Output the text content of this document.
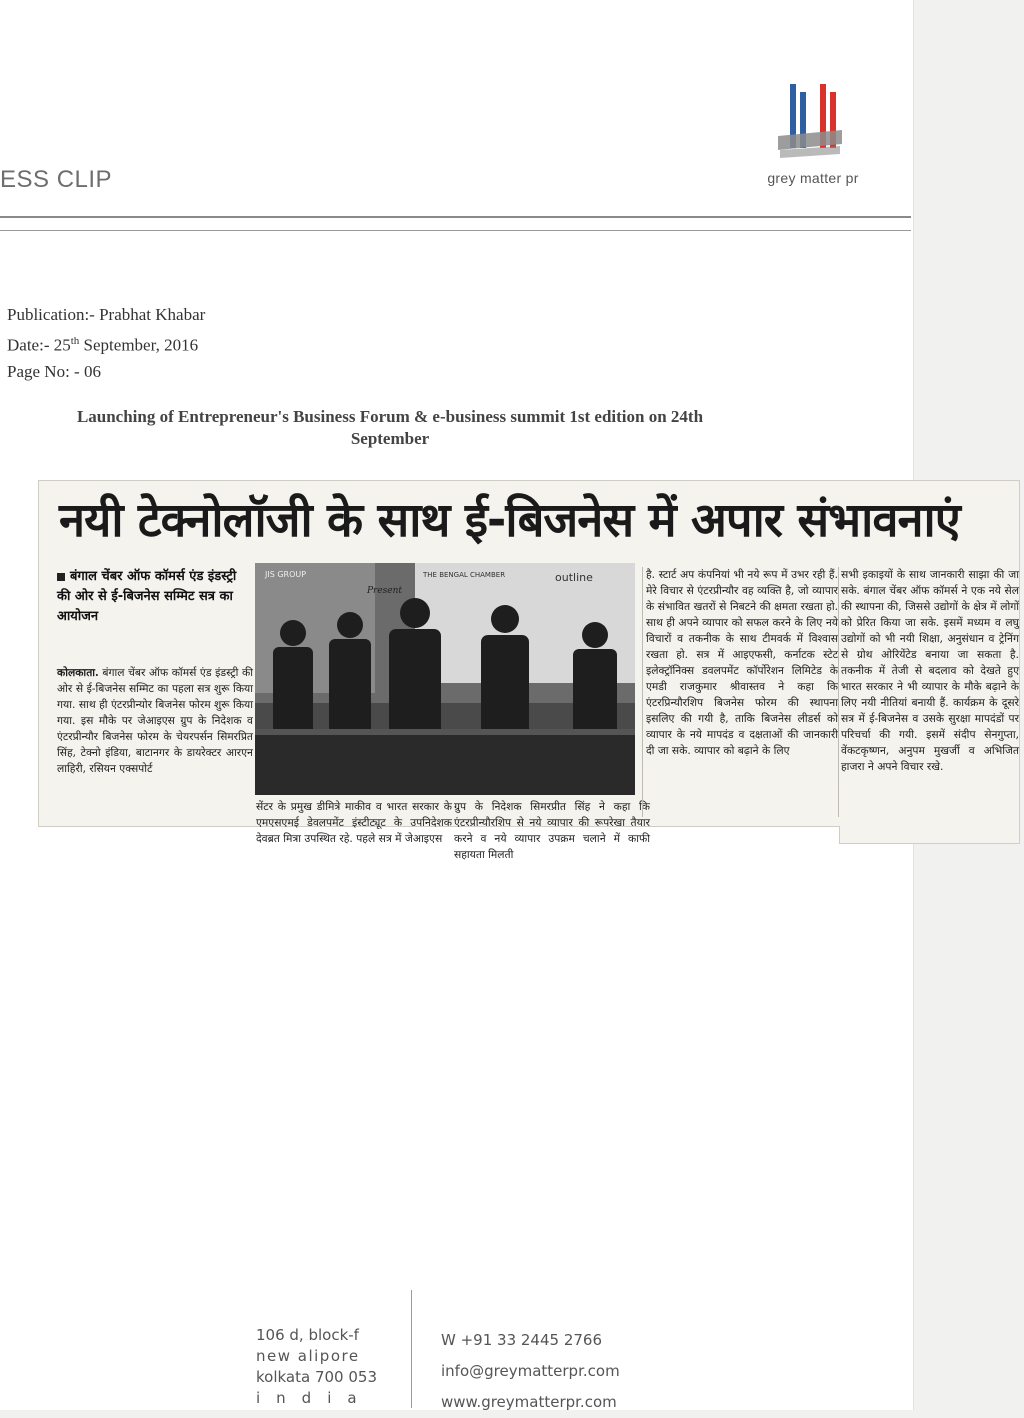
ESS CLIP	grey matter pr
Publication:- Prabhat Khabar
Date:- 25th September, 2016
Page No: - 06
Launching of Entrepreneur's Business Forum & e-business summit 1st edition on 24th
September
नयी टेक्नोलॉजी के साथ ई-बिजनेस में अपार संभावनाएं
बंगाल चेंबर ऑफ कॉमर्स एंड इंडस्ट्री की ओर से ई-बिजनेस सम्मिट सत्र का आयोजन

कोलकाता. बंगाल चेंबर ऑफ कॉमर्स एंड इंडस्ट्री की ओर से ई-बिजनेस सम्मिट का पहला सत्र शुरू किया गया. साथ ही एंटरप्रीन्योर बिजनेस फोरम शुरू किया गया. इस मौके पर जेआइएस ग्रुप के निदेशक व एंटरप्रीन्यौर बिजनेस फोरम के चेयरपर्सन सिमरप्रित सिंह, टेक्नो इंडिया, बाटानगर के डायरेक्टर आरएन लाहिरी, रसियन एक्सपोर्ट

JIS GROUP	THE BENGAL CHAMBER	outline
Present

सेंटर के प्रमुख डीमित्रे माकीव व भारत सरकार के एमएसएमई डेवलपमेंट इंस्टीट्यूट के उपनिदेशक देवब्रत मित्रा उपस्थित रहे. पहले सत्र में जेआइएस

ग्रुप के निदेशक सिमरप्रीत सिंह ने कहा कि एंटरप्रीन्यौरशिप से नये व्यापार की रूपरेखा तैयार करने व नये व्यापार उपक्रम चलाने में काफी सहायता मिलती

है. स्टार्ट अप कंपनियां भी नये रूप में उभर रही हैं. मेरे विचार से एंटरप्रीन्यौर वह व्यक्ति है, जो व्यापार के संभावित खतरों से निबटने की क्षमता रखता हो. साथ ही अपने व्यापार को सफल करने के लिए नये विचारों व तकनीक के साथ टीमवर्क में विश्वास रखता हो. सत्र में आइएफसी, कर्नाटक स्टेट इलेक्ट्रॉनिक्स डवलपमेंट कॉर्पोरेशन लिमिटेड के एमडी राजकुमार श्रीवास्तव ने कहा कि एंटरप्रिन्यौरशिप बिजनेस फोरम की स्थापना इसलिए की गयी है, ताकि बिजनेस लीडर्स को व्यापार के नये मापदंड व दक्षताओं की जानकारी दी जा सके. व्यापार को बढ़ाने के लिए

सभी इकाइयों के साथ जानकारी साझा की जा सके. बंगाल चेंबर ऑफ कॉमर्स ने एक नये सेल की स्थापना की, जिससे उद्योगों के क्षेत्र में लोगों को प्रेरित किया जा सके. इसमें मध्यम व लघु उद्योगों को भी नयी शिक्षा, अनुसंधान व ट्रेनिंग से ग्रोथ ओरियेंटेड बनाया जा सकता है. तकनीक में तेजी से बदलाव को देखते हुए भारत सरकार ने भी व्यापार के मौके बढ़ाने के लिए नयी नीतियां बनायी हैं. कार्यक्रम के दूसरे सत्र में ई-बिजनेस व उसके सुरक्षा मापदंडों पर परिचर्चा की गयी. इसमें संदीप सेनगुप्ता, वेंकटकृष्णन, अनुपम मुखर्जी व अभिजित हाजरा ने अपने विचार रखे.

106 d, block-f
new alipore
kolkata 700 053
india
W +91 33 2445 2766
info@greymatterpr.com
www.greymatterpr.com
